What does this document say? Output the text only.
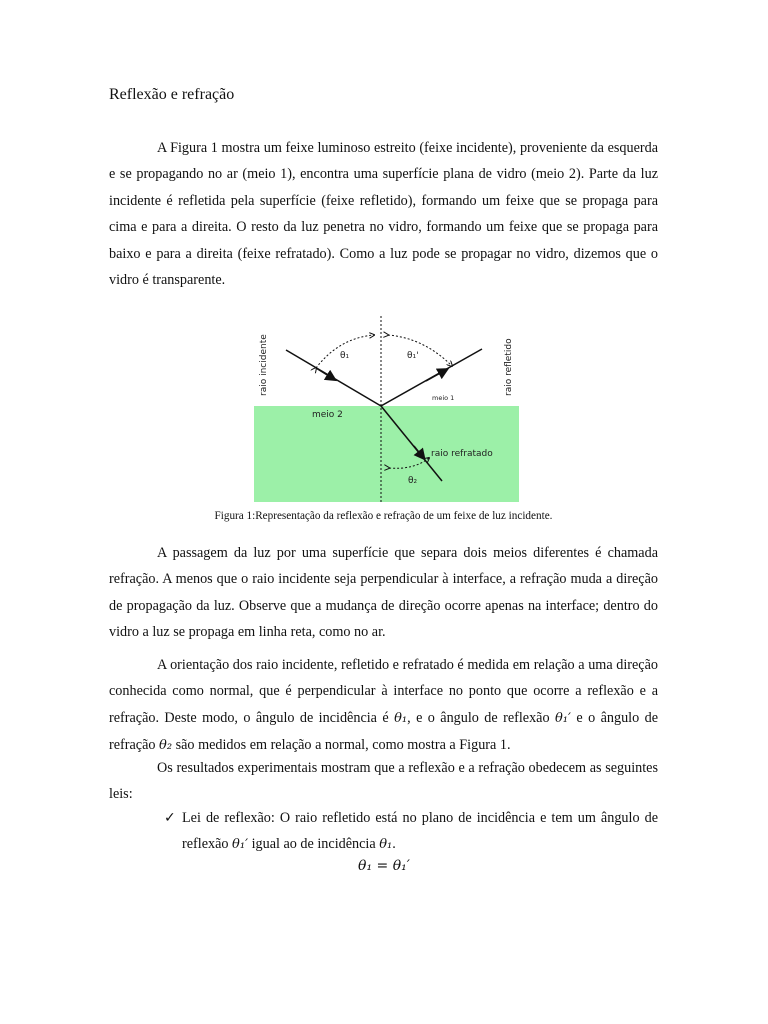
Reflexão e refração

A Figura 1 mostra um feixe luminoso estreito (feixe incidente), proveniente da esquerda e se propagando no ar (meio 1), encontra uma superfície plana de vidro (meio 2). Parte da luz incidente é refletida pela superfície (feixe refletido), formando um feixe que se propaga para cima e para a direita. O resto da luz penetra no vidro, formando um feixe que se propaga para baixo e para a direita (feixe refratado). Como a luz pode se propagar no vidro, dizemos que o vidro é transparente.

θ₁	θ₁'
θ₂
raio incidente	raio refletido
raio refratado
meio 1
meio 2

Figura 1:Representação da reflexão e refração de um feixe de luz incidente.

A passagem da luz por uma superfície que separa dois meios diferentes é chamada refração. A menos que o raio incidente seja perpendicular à interface, a refração muda a direção de propagação da luz. Observe que a mudança de direção ocorre apenas na interface; dentro do vidro a luz se propaga em linha reta, como no ar.

A orientação dos raio incidente, refletido e refratado é medida em relação a uma direção conhecida como normal, que é perpendicular à interface no ponto que ocorre a reflexão e a refração. Deste modo, o ângulo de incidência é θ₁, e o ângulo de reflexão θ₁′ e o ângulo de refração θ₂ são medidos em relação a normal, como mostra a Figura 1.

Os resultados experimentais mostram que a reflexão e a refração obedecem as seguintes leis:

✓ Lei de reflexão: O raio refletido está no plano de incidência e tem um ângulo de reflexão θ₁′ igual ao de incidência θ₁.

θ₁ = θ₁′
